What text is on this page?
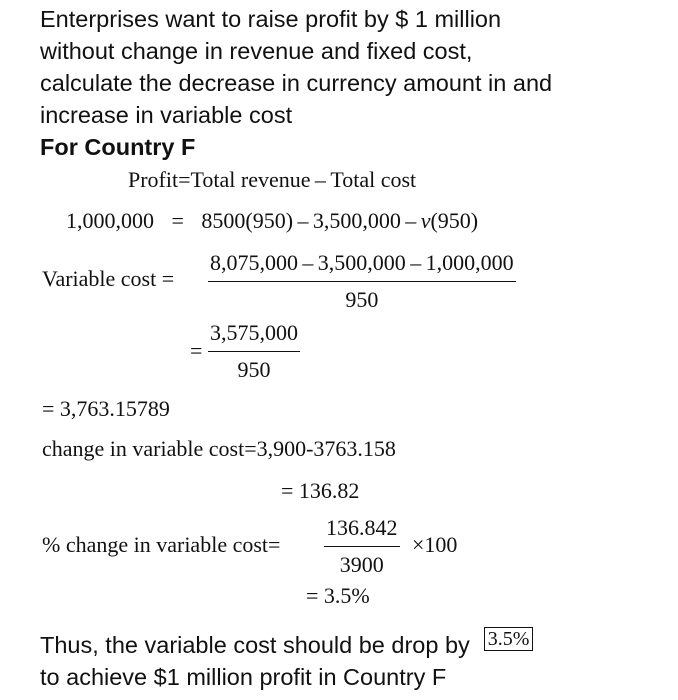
Enterprises want to raise profit by $ 1 million
without change in revenue and fixed cost,
calculate the decrease in currency amount in and
increase in variable cost
For Country F
Profit=Total revenue – Total cost
1,000,000 = 8500(950) – 3,500,000 – v(950)
Variable $\cos t = \frac{8,075,000 - 3,500,000 - 1,000,000}{950}$
= $\frac{3,575,000}{950}$
= 3,763.15789
change in variable cost=3,900-3763.158
= 136.82
% change in variable $\cos t= \frac{136.842}{3900} \times 100$
= 3.5%
Thus, the variable cost should be drop by 3.5%
to achieve $1 million profit in Country F
